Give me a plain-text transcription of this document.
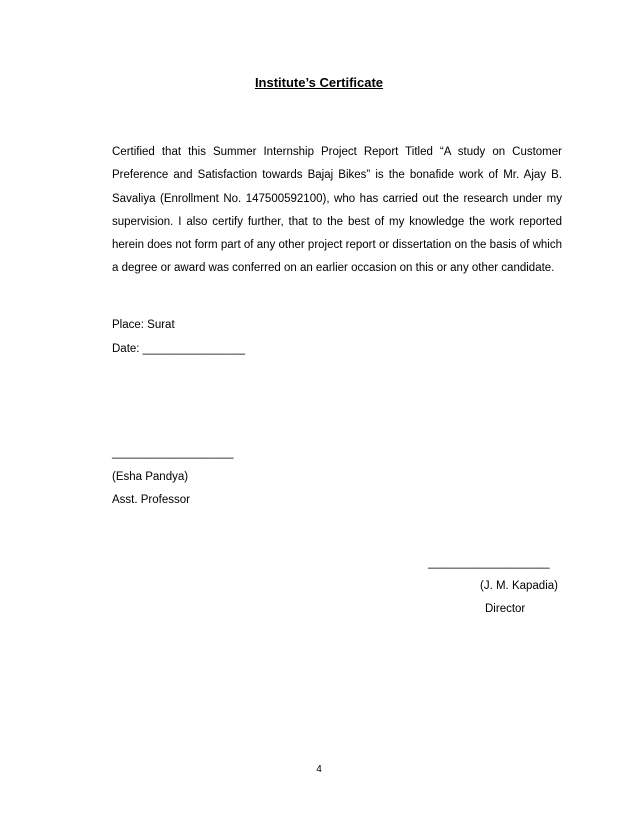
Institute’s Certificate
Certified that this Summer Internship Project Report Titled “A study on Customer Preference and Satisfaction towards Bajaj Bikes” is the bonafide work of Mr. Ajay B. Savaliya (Enrollment No. 147500592100), who has carried out the research under my supervision. I also certify further, that to the best of my knowledge the work reported herein does not form part of any other project report or dissertation on the basis of which a degree or award was conferred on an earlier occasion on this or any other candidate.
Place: Surat
Date: ________________
___________________
(Esha Pandya)
Asst. Professor
___________________
(J. M. Kapadia)
Director
4
